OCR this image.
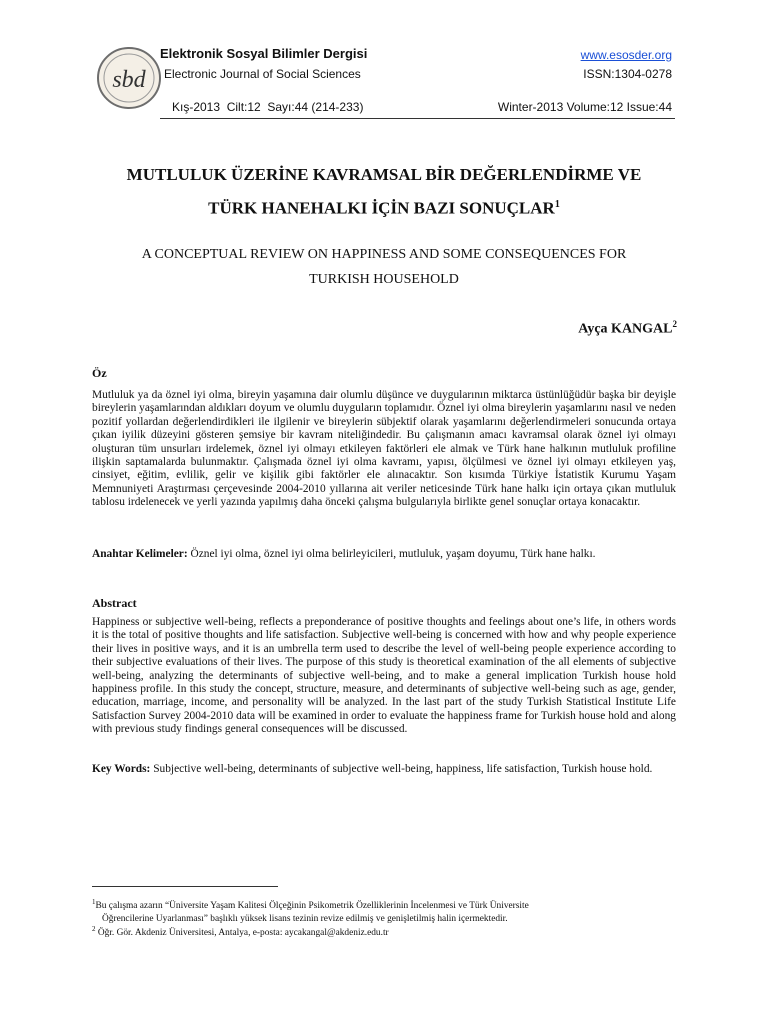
sbd
Elektronik Sosyal Bilimler Dergisi
Electronic Journal of Social Sciences
www.esosder.org
ISSN:1304-0278
Kış-2013  Cilt:12  Sayı:44 (214-233)	Winter-2013 Volume:12 Issue:44
MUTLULUK ÜZERİNE KAVRAMSAL BİR DEĞERLENDİRME VE
TÜRK HANEHALKI İÇİN BAZI SONUÇLAR$^1$
A CONCEPTUAL REVIEW ON HAPPINESS AND SOME CONSEQUENCES FOR
TURKISH HOUSEHOLD
Ayça KANGAL$^2$
Öz
Mutluluk ya da öznel iyi olma, bireyin yaşamına dair olumlu düşünce ve duygularının miktarca üstünlüğüdür başka bir deyişle bireylerin yaşamlarından aldıkları doyum ve olumlu duyguların toplamıdır. Öznel iyi olma bireylerin yaşamlarını nasıl ve neden pozitif yollardan değerlendirdikleri ile ilgilenir ve bireylerin sübjektif olarak yaşamlarını değerlendirmeleri sonucunda ortaya çıkan iyilik düzeyini gösteren şemsiye bir kavram niteliğindedir. Bu çalışmanın amacı kavramsal olarak öznel iyi olmayı oluşturan tüm unsurları irdelemek, öznel iyi olmayı etkileyen faktörleri ele almak ve Türk hane halkının mutluluk profiline ilişkin saptamalarda bulunmaktır. Çalışmada öznel iyi olma kavramı, yapısı, ölçülmesi ve öznel iyi olmayı etkileyen yaş, cinsiyet, eğitim, evlilik, gelir ve kişilik gibi faktörler ele alınacaktır. Son kısımda Türkiye İstatistik Kurumu Yaşam Memnuniyeti Araştırması çerçevesinde 2004-2010 yıllarına ait veriler neticesinde Türk hane halkı için ortaya çıkan mutluluk tablosu irdelenecek ve yerli yazında yapılmış daha önceki çalışma bulgularıyla birlikte genel sonuçlar ortaya konacaktır.
Anahtar Kelimeler: Öznel iyi olma, öznel iyi olma belirleyicileri, mutluluk, yaşam doyumu, Türk hane halkı.
Abstract
Happiness or subjective well-being, reflects a preponderance of positive thoughts and feelings about one’s life, in others words it is the total of positive thoughts and life satisfaction. Subjective well-being is concerned with how and why people experience their lives in positive ways, and it is an umbrella term used to describe the level of well-being people experience according to their subjective evaluations of their lives. The purpose of this study is theoretical examination of the all elements of subjective well-being, analyzing the determinants of subjective well-being, and to make a general implication Turkish house hold happiness profile. In this study the concept, structure, measure, and determinants of subjective well-being such as age, gender, education, marriage, income, and personality will be analyzed. In the last part of the study Turkish Statistical Institute Life Satisfaction Survey 2004-2010 data will be examined in order to evaluate the happiness frame for Turkish house hold and along with previous study findings general consequences will be discussed.
Key Words: Subjective well-being, determinants of subjective well-being, happiness, life satisfaction, Turkish house hold.
$^1$Bu çalışma azarın “Üniversite Yaşam Kalitesi Ölçeğinin Psikometrik Özelliklerinin İncelenmesi ve Türk Üniversite
Öğrencilerine Uyarlanması” başlıklı yüksek lisans tezinin revize edilmiş ve genişletilmiş halin içermektedir.
$^2$ Öğr. Gör. Akdeniz Üniversitesi, Antalya, e-posta: aycakangal@akdeniz.edu.tr
